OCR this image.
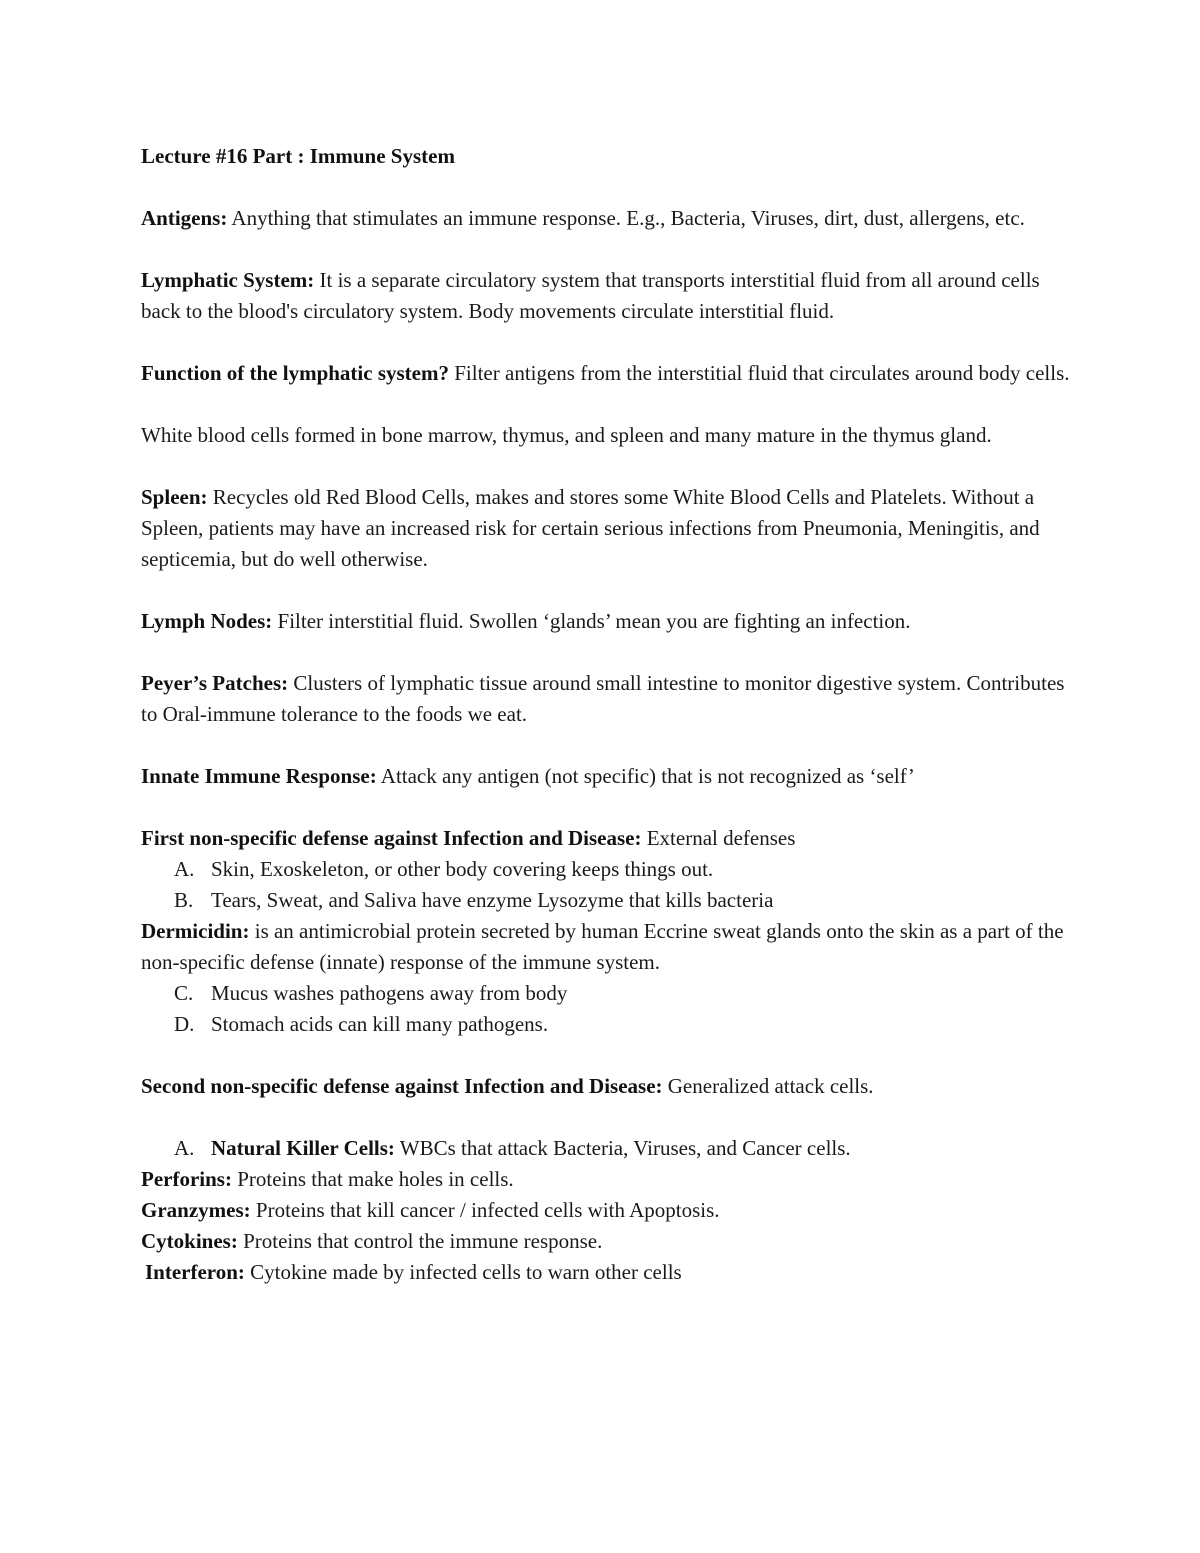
Lecture #16 Part : Immune System

Antigens: Anything that stimulates an immune response. E.g., Bacteria, Viruses, dirt, dust, allergens, etc.

Lymphatic System: It is a separate circulatory system that transports interstitial fluid from all around cells back to the blood's circulatory system. Body movements circulate interstitial fluid.

Function of the lymphatic system? Filter antigens from the interstitial fluid that circulates around body cells.

White blood cells formed in bone marrow, thymus, and spleen and many mature in the thymus gland.

Spleen: Recycles old Red Blood Cells, makes and stores some White Blood Cells and Platelets. Without a Spleen, patients may have an increased risk for certain serious infections from Pneumonia, Meningitis, and septicemia, but do well otherwise.

Lymph Nodes: Filter interstitial fluid. Swollen ‘glands’ mean you are fighting an infection.

Peyer’s Patches: Clusters of lymphatic tissue around small intestine to monitor digestive system. Contributes to Oral-immune tolerance to the foods we eat.

Innate Immune Response: Attack any antigen (not specific) that is not recognized as ‘self’

First non-specific defense against Infection and Disease: External defenses

A. Skin, Exoskeleton, or other body covering keeps things out.

B. Tears, Sweat, and Saliva have enzyme Lysozyme that kills bacteria

Dermicidin: is an antimicrobial protein secreted by human Eccrine sweat glands onto the skin as a part of the non-specific defense (innate) response of the immune system.

C. Mucus washes pathogens away from body

D. Stomach acids can kill many pathogens.

Second non-specific defense against Infection and Disease: Generalized attack cells.

A. Natural Killer Cells: WBCs that attack Bacteria, Viruses, and Cancer cells.

Perforins: Proteins that make holes in cells.

Granzymes: Proteins that kill cancer / infected cells with Apoptosis.

Cytokines: Proteins that control the immune response.

Interferon: Cytokine made by infected cells to warn other cells
